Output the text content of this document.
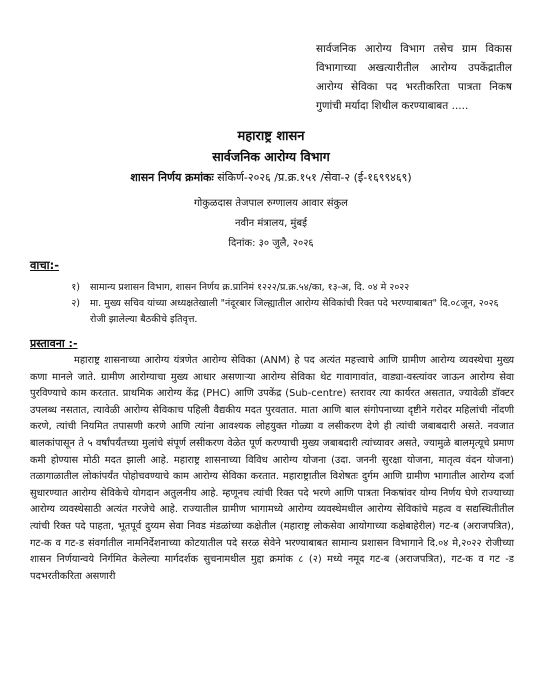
सार्वजनिक आरोग्य विभाग तसेच ग्राम विकास विभागाच्या अखत्यारीतील आरोग्य उपकेंद्रातील आरोग्य सेविका पद भरतीकरिता पात्रता निकष गुणांची मर्यादा शिथील करण्याबाबत .....
महाराष्ट्र शासन
सार्वजनिक आरोग्य विभाग
शासन निर्णय क्रमांकः संकिर्ण-२०२६ /प्र.क्र.१५१ /सेवा-२ (ई-१६९९४६९)
गोकुळदास तेजपाल रुग्णालय आवार संकुल
नवीन मंत्रालय, मुंबई
दिनांक: ३० जुलै, २०२६
वाचा:-
१)	सामान्य प्रशासन विभाग, शासन निर्णय क्र.प्रानिमं १२२२/प्र.क्र.५४/का, १३-अ, दि. ०४ मे २०२२
२)	मा. मुख्य सचिव यांच्या अध्यक्षतेखाली "नंदूरबार जिल्ह्यातील आरोग्य सेविकांची रिक्त पदे भरण्याबाबत" दि.०८जून, २०२६ रोजी झालेल्या बैठकीचे इतिवृत्त.
प्रस्तावना :-

महाराष्ट्र शासनाच्या आरोग्य यंत्रणेत आरोग्य सेविका (ANM) हे पद अत्यंत महत्त्वाचे आणि ग्रामीण आरोग्य व्यवस्थेचा मुख्य कणा मानले जाते. ग्रामीण आरोग्याचा मुख्य आधार असणाऱ्या आरोग्य सेविका थेट गावागावांत, वाड्या-वस्त्यांवर जाऊन आरोग्य सेवा पुरविण्याचे काम करतात. प्राथमिक आरोग्य केंद्र (PHC) आणि उपकेंद्र (Sub-centre) स्तरावर त्या कार्यरत असतात, ज्यावेळी डॉक्टर उपलब्ध नसतात, त्यावेळी आरोग्य सेविकाच पहिली वैद्यकीय मदत पुरवतात. माता आणि बाल संगोपनाच्या दृष्टीने गरोदर महिलांची नोंदणी करणे, त्यांची नियमित तपासणी करणे आणि त्यांना आवश्यक लोहयुक्त गोळ्या व लसीकरण देणे ही त्यांची जबाबदारी असते. नवजात बालकांपासून ते ५ वर्षांपर्यंतच्या मुलांचे संपूर्ण लसीकरण वेळेत पूर्ण करण्याची मुख्य जबाबदारी त्यांच्यावर असते, ज्यामुळे बालमृत्यूचे प्रमाण कमी होण्यास मोठी मदत झाली आहे. महाराष्ट्र शासनाच्या विविध आरोग्य योजना (उदा. जननी सुरक्षा योजना, मातृत्व वंदन योजना) तळागाळातील लोकांपर्यंत पोहोचवण्याचे काम आरोग्य सेविका करतात. महाराष्ट्रातील विशेषतः दुर्गम आणि ग्रामीण भागातील आरोग्य दर्जा सुधारण्यात आरोग्य सेविकेचे योगदान अतुलनीय आहे. म्हणूनच त्यांची रिक्त पदे भरणे आणि पात्रता निकषांवर योग्य निर्णय घेणे राज्याच्या आरोग्य व्यवस्थेसाठी अत्यंत गरजेचे आहे. राज्यातील ग्रामीण भागामध्ये आरोग्य व्यवस्थेमधील आरोग्य सेविकांचे महत्व व सद्यस्थितीतील त्यांची रिक्त पदे पाहता, भूतपूर्व दुय्यम सेवा निवड मंडळांच्या कक्षेतील (महाराष्ट्र लोकसेवा आयोगाच्या कक्षेबाहेरील) गट-ब (अराजपत्रित), गट-क व गट-ड संवर्गातील नामनिर्देशनाच्या कोटयातील पदे सरळ सेवेने भरण्याबाबत सामान्य प्रशासन विभागाने दि.०४ मे,२०२२ रोजीच्या शासन निर्णयान्वये निर्गमित केलेल्या मार्गदर्शक सुचनामधील मुद्दा क्रमांक ८ (२) मध्ये नमूद गट-ब (अराजपत्रित), गट-क व गट -ड पदभरतीकरिता असणारी
